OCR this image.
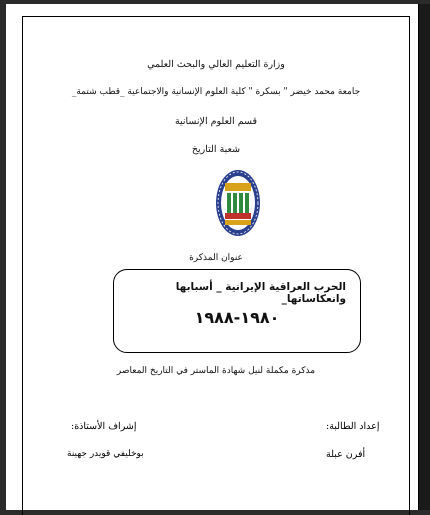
وزارة التعليم العالي والبحث العلمي
جامعة محمد خيضر " بسكرة " كلية العلوم الإنسانية والاجتماعية _قطب شتمة_
قسم العلوم الإنسانية
شعبة التاريخ
عنوان المذكرة
الحرب العراقية الإيرانية _ أسبابها وانعكاساتها_
١٩٨٠-١٩٨٨
مذكرة مكملة لنيل شهادة الماستر في التاريخ المعاصر
إعداد الطالبة:
إشراف الأستاذة:
أفرن عبلة
بوخليفي قويدر جهينة
